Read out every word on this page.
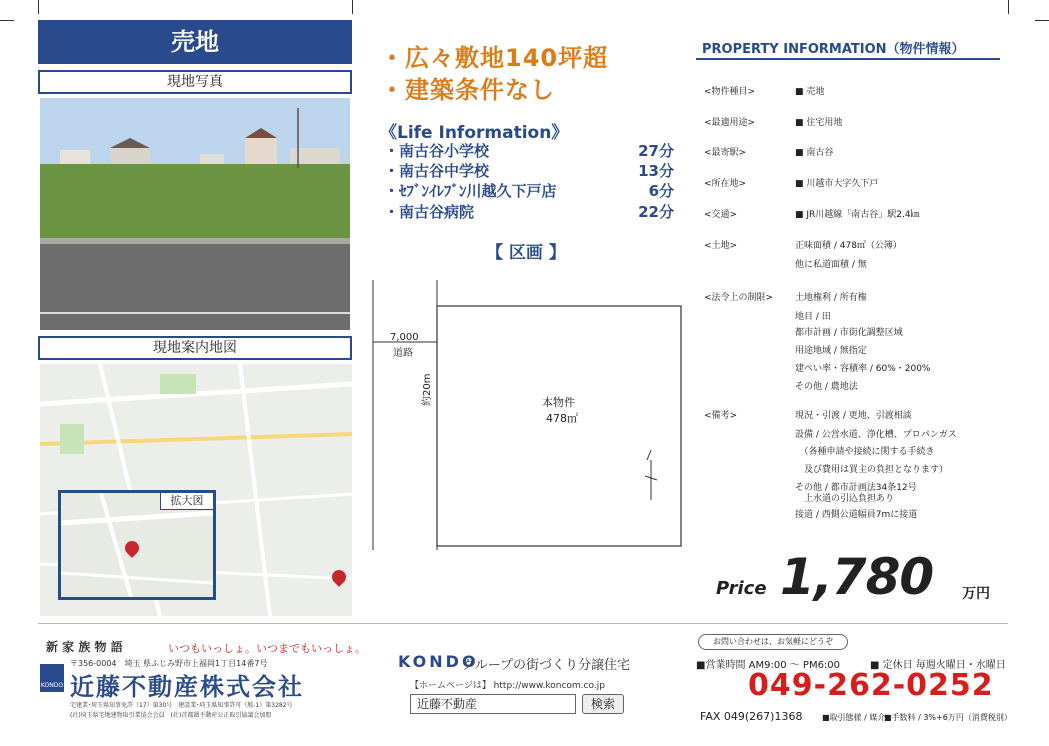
売地
現地写真
現地案内地図
拡大図
・広々敷地140坪超
・建築条件なし
《Life Information》
・南古谷小学校	27分
・南古谷中学校	13分
・ｾﾌﾞﾝｲﾚﾌﾞﾝ川越久下戸店	6分
・南古谷病院	22分
【 区画 】
7,000
道路
約20m	本物件
478㎡
PROPERTY INFORMATION（物件情報）
<物件種目>	■ 売地
<最適用途>	■ 住宅用地
<最寄駅>	■ 南古谷
<所在地>	■ 川越市大字久下戸
<交通>	■ JR川越線「南古谷」駅2.4㎞
<土地>	正味面積 / 478㎡（公簿）
他に私道面積 / 無
<法令上の制限> 土地権利 / 所有権
地目 / 田
都市計画 / 市街化調整区域
用途地域 / 無指定
建ぺい率・容積率 / 60%・200%
その他 / 農地法
<備考>	現況・引渡 / 更地、引渡相談
設備 / 公営水道、浄化槽、プロパンガス
　（各種申請や接続に関する手続き
　及び費用は買主の負担となります）
その他 / 都市計画法34条12号
　上水道の引込負担あり
接道 / 西側公道幅員7mに接道
Price 1,780 万円
新 家 族 物 語	いつもいっしょ。いつまでもいっしょ。
〒356-0004　埼玉 県ふじみ野市上福岡1丁目14番7号
KONDO 近藤不動産株式会社
宅建業･埼玉県知事免許（17）第30号　建設業･埼玉県知事許可（般-1）第3282号
(社)埼玉県宅地建物取引業協会会員　(社)首都圏不動産公正取引協議会加盟
KONDO
グループの街づくり分譲住宅
【ホームページは】 http://www.koncom.co.jp
近藤不動産	検索
お問い合わせは、お気軽にどうぞ
■営業時間 AM9:00 ～ PM6:00	■ 定休日 毎週火曜日・水曜日
049-262-0252
FAX 049(267)1368 ■取引態様 / 媒介
■手数料 / 3%+6万円（消費税別）
